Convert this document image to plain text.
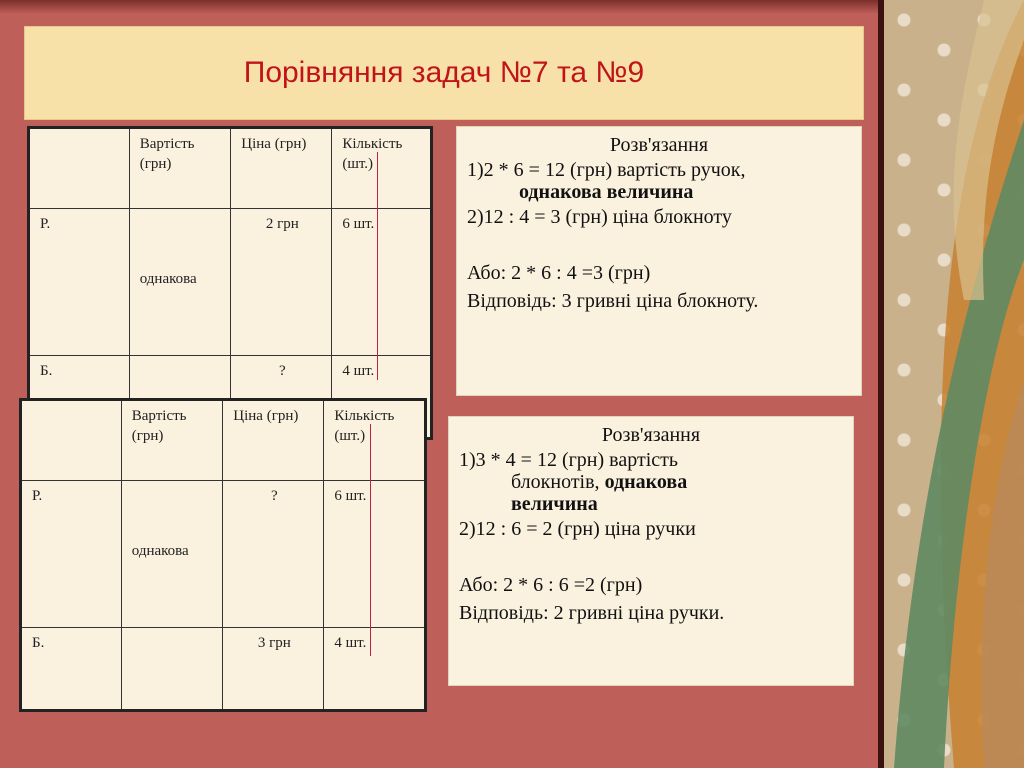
Порівняння задач №7 та №9
	Вартість (грн)	Ціна (грн)	Кількість (шт.)
Р.	однакова	2 грн	6 шт.
Б.		?	4 шт.
	Вартість (грн)	Ціна (грн)	Кількість (шт.)
Р.	однакова	?	6 шт.
Б.		3 грн	4 шт.
Розв'язання
1)2 * 6 = 12 (грн) вартість ручок,
однакова величина
2)12 : 4 = 3 (грн) ціна блокноту
Або: 2 * 6 : 4 =3 (грн)
Відповідь: 3 гривні ціна блокноту.
Розв'язання
1)3 * 4 = 12 (грн) вартість
блокнотів, однакова
величина
2)12 : 6 = 2 (грн) ціна ручки
Або: 2 * 6 : 6 =2 (грн)
Відповідь: 2 гривні ціна ручки.
